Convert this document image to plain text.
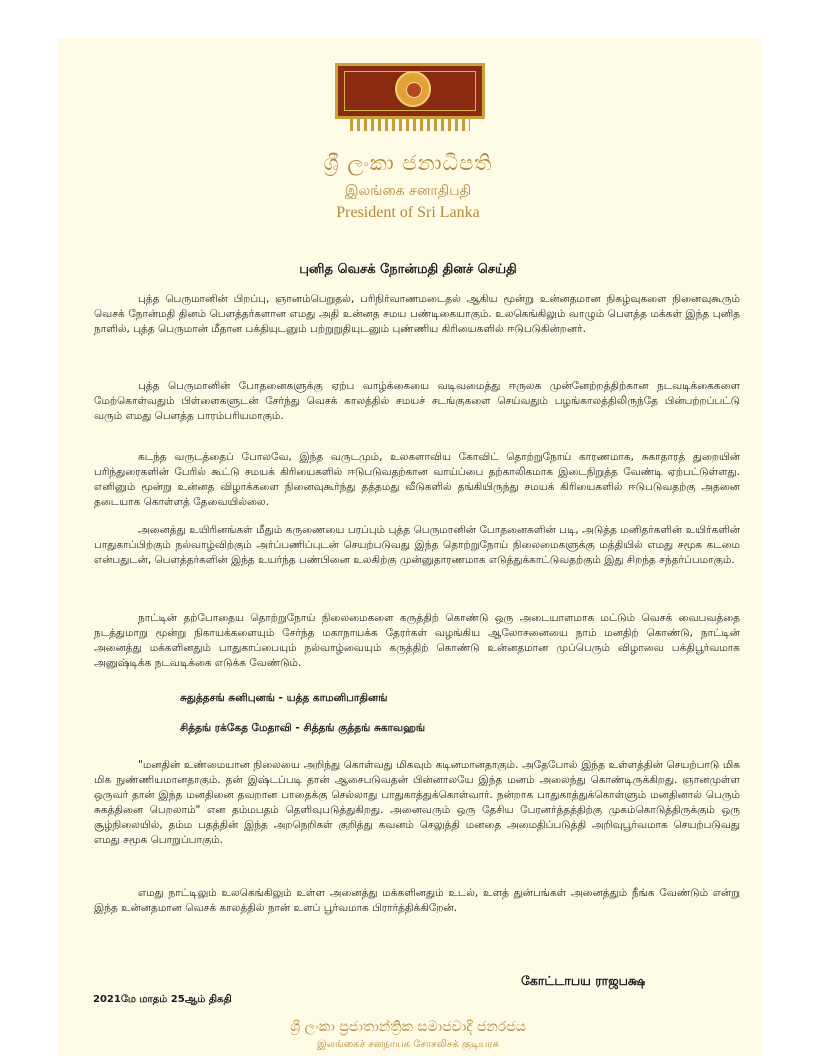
ශ්‍රී ලංකා ජනාධිපති
இலங்கை சனாதிபதி
President of Sri Lanka
புனித வெசக் நோன்மதி தினச் செய்தி

புத்த பெருமானின் பிறப்பு, ஞானம்பெறுதல், பரிநிர்வாணமடைதல் ஆகிய மூன்று உன்னதமான நிகழ்வுகளை நினைவுகூரும் வெசக் நோன்மதி தினம் பௌத்தர்களான எமது அதி உன்னத சமய பண்டிகையாகும். உலகெங்கிலும் வாழும் பௌத்த மக்கள் இந்த புனித நாளில், புத்த பெருமான் மீதான பக்தியுடனும் பற்றுறுதியுடனும் புண்ணிய கிரியைகளில் ஈடுபடுகின்றனர்.

புத்த பெருமானின் போதனைகளுக்கு ஏற்ப வாழ்க்கையை வடிவமைத்து ஈருலக முன்னேற்றத்திற்கான நடவடிக்கைகளை மேற்கொள்வதும் பிள்ளைகளுடன் சேர்ந்து வெசக் காலத்தில் சமயச் சடங்குகளை செய்வதும் பழங்காலத்திலிருந்தே பின்பற்றப்பட்டு வரும் எமது பௌத்த பாரம்பரியமாகும்.

கடந்த வருடத்தைப் போலவே, இந்த வருடமும், உலகளாவிய கோவிட் தொற்றுநோய் காரணமாக, சுகாதாரத் துறையின் பரிந்துரைகளின் பேரில் கூட்டு சமயக் கிரியைகளில் ஈடுபடுவதற்கான வாய்ப்பை தற்காலிகமாக இடைநிறுத்த வேண்டி ஏற்பட்டுள்ளது. எனினும் மூன்று உன்னத விழாக்களை நினைவுகூர்ந்து தத்தமது வீடுகளில் தங்கியிருந்து சமயக் கிரியைகளில் ஈடுபடுவதற்கு அதனை தடையாக கொள்ளத் தேவையில்லை.

அனைத்து உயிரினங்கள் மீதும் கருணையை பரப்பும் புத்த பெருமானின் போதனைகளின் படி, அடுத்த மனிதர்களின் உயிர்களின் பாதுகாப்பிற்கும் நல்வாழ்விற்கும் அர்ப்பணிப்புடன் செயற்படுவது இந்த தொற்றுநோய் நிலைமைகளுக்கு மத்தியில் எமது சமூக கடமை என்பதுடன், பௌத்தர்களின் இந்த உயர்ந்த பண்பினை உலகிற்கு முன்னுதாரணமாக எடுத்துக்காட்டுவதற்கும் இது சிறந்த சந்தர்ப்பமாகும்.

நாட்டின் தற்போதைய தொற்றுநோய் நிலைமைகளை கருத்திற் கொண்டு ஒரு அடையாளமாக மட்டும் வெசக் வைபவத்தை நடத்துமாறு மூன்று நிகாயக்களையும் சேர்ந்த மகாநாயக்க தேரர்கள் வழங்கிய ஆலோசனையை நாம் மனதிற் கொண்டு, நாட்டின் அனைத்து மக்களினதும் பாதுகாப்பையும் நல்வாழ்வையும் கருத்திற் கொண்டு உன்னதமான முப்பெரும் விழாவை பக்திபூர்வமாக அனுஷ்டிக்க நடவடிக்கை எடுக்க வேண்டும்.

சுதுத்தசங் சுனிபுனங் - யத்த காமனிபாதினங்
சித்தங் ரக்கேத மேதாவி - சித்தங் குத்தங் சுகாவஹங்

"மனதின் உண்மையான நிலையை அறிந்து கொள்வது மிகவும் கடினமானதாகும். அதேபோல் இந்த உள்ளத்தின் செயற்பாடு மிக மிக நுண்ணியமானதாகும். தன் இஷ்டப்படி தான் ஆசைபடுவதன் பின்னாலயே இந்த மனம் அலைந்து கொண்டிருக்கிறது. ஞானமுள்ள ஒருவர் தான் இந்த மனதினை தவறான பாதைக்கு செல்லாது பாதுகாத்துக்கொள்வார். நன்றாக பாதுகாத்துக்கொள்ளும் மனதினால் பெரும் சுகத்தினை பெறலாம்" என தம்மபதம் தெளிவுபடுத்துகிறது. அனைவரும் ஒரு தேசிய பேரனர்த்தத்திற்கு முகம்கொடுத்திருக்கும் ஒரு சூழ்நிலையில், தம்ம பதத்தின் இந்த அறநெறிகள் குறித்து கவனம் செலுத்தி மனதை அமைதிப்படுத்தி அறிவுபூர்வமாக செயற்படுவது எமது சமூக பொறுப்பாகும்.

எமது நாட்டிலும் உலகெங்கிலும் உள்ள அனைத்து மக்களினதும் உடல், உளத் துன்பங்கள் அனைத்தும் நீங்க வேண்டும் என்று இந்த உன்னதமான வெசக் காலத்தில் நான் உளப் பூர்வமாக பிரார்த்திக்கிறேன்.

கோட்டாபய ராஜபக்ஷ
2021மே மாதம் 25ஆம் திகதி
ශ්‍රී ලංකා ප්‍රජාතාන්ත්‍රික සමාජවාදී ජනරජය
இலங்கைச் சனநாயக சோசலிசக் குடியரசு
